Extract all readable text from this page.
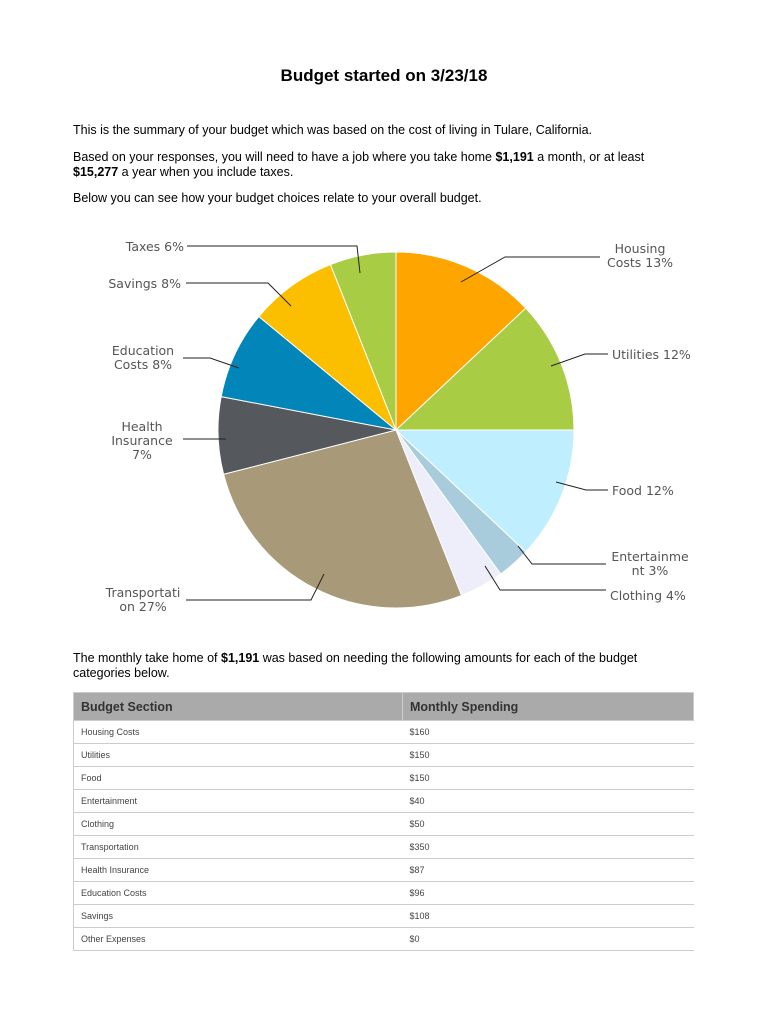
Budget started on 3/23/18
This is the summary of your budget which was based on the cost of living in Tulare, California.
Based on your responses, you will need to have a job where you take home $1,191 a month, or at least
$15,277 a year when you include taxes.
Below you can see how your budget choices relate to your overall budget.
Housing Costs 13%
Utilities 12%
Food 12%
Entertainme nt 3%
Clothing 4%
Transportati on 27%
Health Insurance 7%
Education Costs 8%
Savings 8%
Taxes 6%
The monthly take home of $1,191 was based on needing the following amounts for each of the budget categories below.
Budget Section	Monthly Spending
Housing Costs	$160
Utilities	$150
Food	$150
Entertainment	$40
Clothing	$50
Transportation	$350
Health Insurance	$87
Education Costs	$96
Savings	$108
Other Expenses	$0
